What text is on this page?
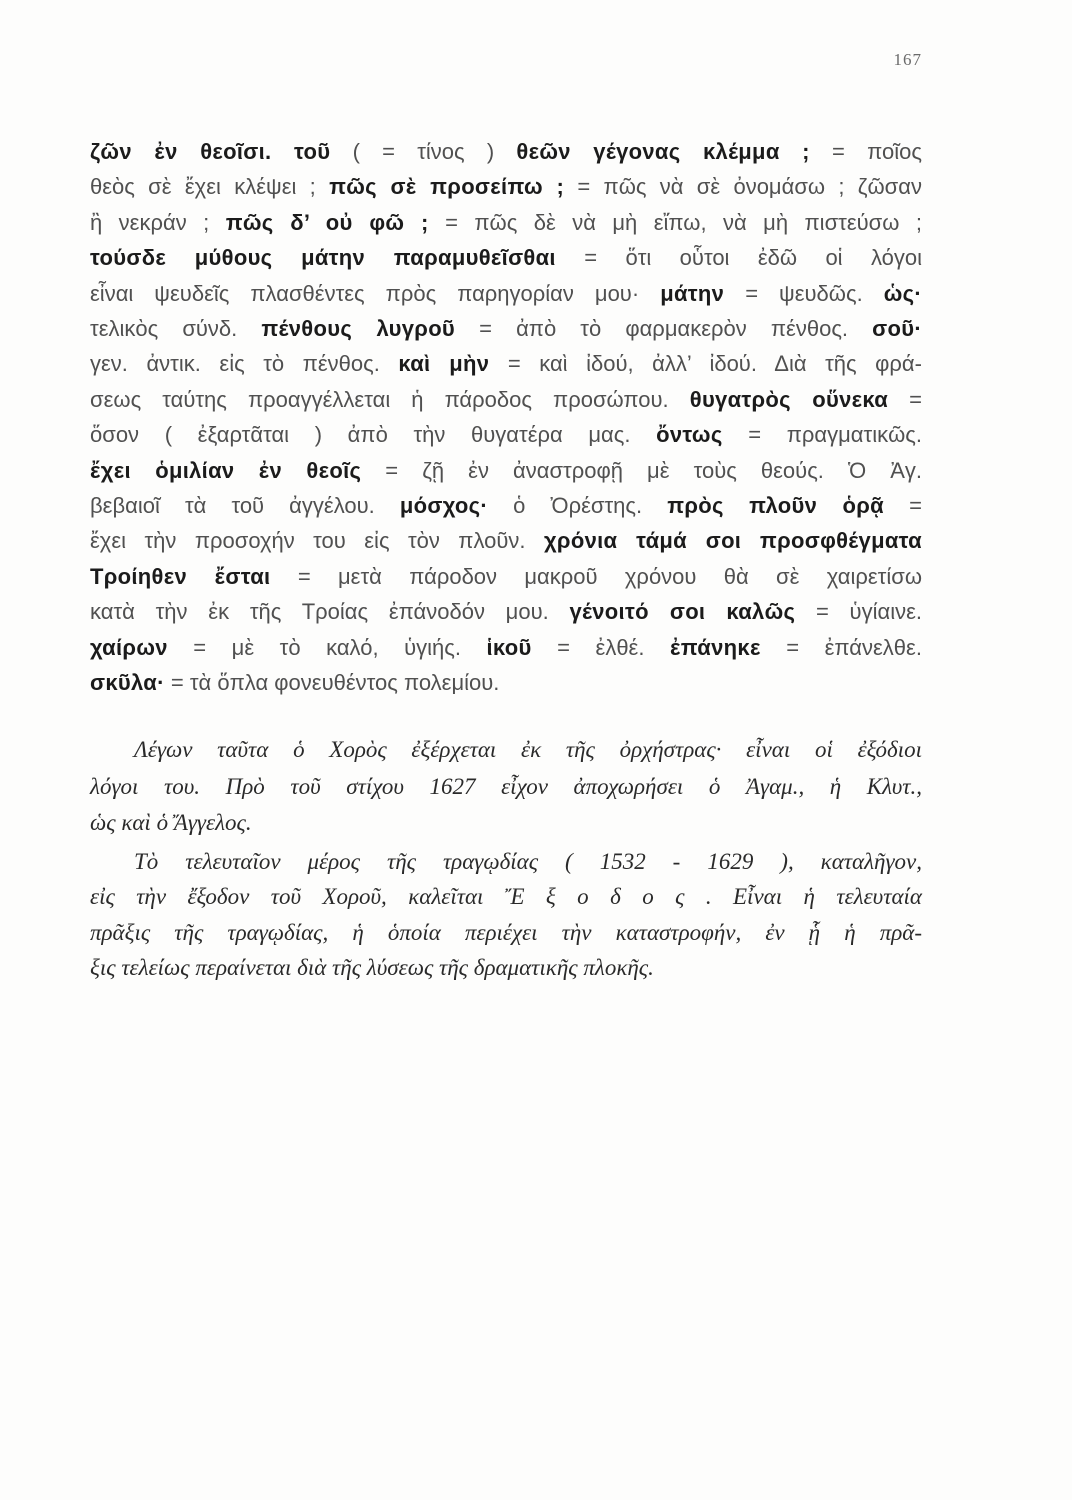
167
ζῶν ἐν θεοῖσι. τοῦ ( = τίνος ) θεῶν γέγονας κλέμμα ; = ποῖος
θεὸς σὲ ἔχει κλέψει ; πῶς σὲ προσείπω ; = πῶς νὰ σὲ ὀνομάσω ; ζῶσαν
ἢ νεκράν ; πῶς δ’ οὐ φῶ ; = πῶς δὲ νὰ μὴ εἴπω, νὰ μὴ πιστεύσω ;
τούσδε μύθους μάτην παραμυθεῖσθαι = ὅτι οὗτοι ἐδῶ οἱ λόγοι
εἶναι ψευδεῖς πλασθέντες πρὸς παρηγορίαν μου· μάτην = ψευδῶς. ὡς·
τελικὸς σύνδ. πένθους λυγροῦ = ἀπὸ τὸ φαρμακερὸν πένθος. σοῦ·
γεν. ἀντικ. εἰς τὸ πένθος. καὶ μὴν = καὶ ἰδού, ἀλλ’ ἰδού. Διὰ τῆς φρά-
σεως ταύτης προαγγέλλεται ἡ πάροδος προσώπου. θυγατρὸς οὕνεκα =
ὅσον ( ἐξαρτᾶται ) ἀπὸ τὴν θυγατέρα μας. ὄντως = πραγματικῶς.
ἔχει ὁμιλίαν ἐν θεοῖς = ζῇ ἐν ἀναστροφῇ μὲ τοὺς θεούς. Ὁ Ἀγ.
βεβαιοῖ τὰ τοῦ ἀγγέλου. μόσχος· ὁ Ὀρέστης. πρὸς πλοῦν ὁρᾷ =
ἔχει τὴν προσοχήν του εἰς τὸν πλοῦν. χρόνια τάμά σοι προσφθέγματα
Τροίηθεν ἔσται = μετὰ πάροδον μακροῦ χρόνου θὰ σὲ χαιρετίσω
κατὰ τὴν ἐκ τῆς Τροίας ἐπάνοδόν μου. γένοιτό σοι καλῶς = ὑγίαινε.
χαίρων = μὲ τὸ καλό, ὑγιής. ἱκοῦ = ἐλθέ. ἐπάνηκε = ἐπάνελθε.
σκῦλα· = τὰ ὅπλα φονευθέντος πολεμίου.
Λέγων ταῦτα ὁ Χορὸς ἐξέρχεται ἐκ τῆς ὀρχήστρας· εἶναι οἱ ἐξόδιοι
λόγοι του. Πρὸ τοῦ στίχου 1627 εἶχον ἀποχωρήσει ὁ Ἀγαμ., ἡ Κλυτ.,
ὡς καὶ ὁ Ἄγγελος.
Τὸ τελευταῖον μέρος τῆς τραγῳδίας ( 1532 - 1629 ), καταλῆγον,
εἰς τὴν ἔξοδον τοῦ Χοροῦ, καλεῖται Ἔ ξ ο δ ο ς . Εἶναι ἡ τελευταία
πρᾶξις τῆς τραγῳδίας, ἡ ὁποία περιέχει τὴν καταστροφήν, ἐν ᾗ ἡ πρᾶ-
ξις τελείως περαίνεται διὰ τῆς λύσεως τῆς δραματικῆς πλοκῆς.
